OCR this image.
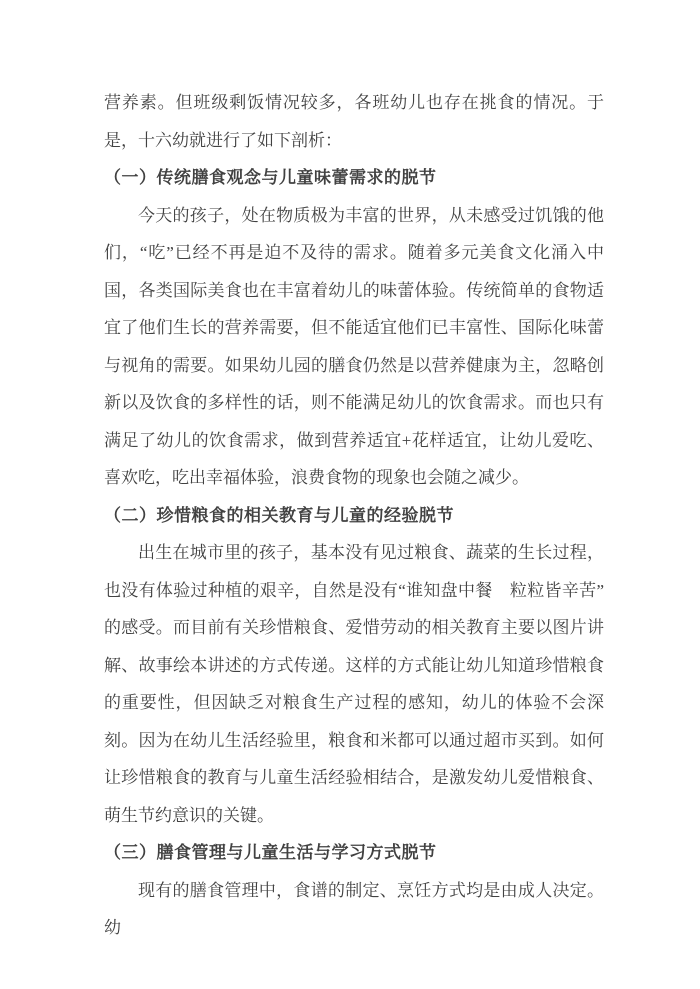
营养素。但班级剩饭情况较多，各班幼儿也存在挑食的情况。于是，十六幼就进行了如下剖析：

（一）传统膳食观念与儿童味蕾需求的脱节

今天的孩子，处在物质极为丰富的世界，从未感受过饥饿的他们，“吃”已经不再是迫不及待的需求。随着多元美食文化涌入中国，各类国际美食也在丰富着幼儿的味蕾体验。传统简单的食物适宜了他们生长的营养需要，但不能适宜他们已丰富性、国际化味蕾与视角的需要。如果幼儿园的膳食仍然是以营养健康为主，忽略创新以及饮食的多样性的话，则不能满足幼儿的饮食需求。而也只有满足了幼儿的饮食需求，做到营养适宜+花样适宜，让幼儿爱吃、喜欢吃，吃出幸福体验，浪费食物的现象也会随之减少。

（二）珍惜粮食的相关教育与儿童的经验脱节

出生在城市里的孩子，基本没有见过粮食、蔬菜的生长过程，也没有体验过种植的艰辛，自然是没有“谁知盘中餐　粒粒皆辛苦”的感受。而目前有关珍惜粮食、爱惜劳动的相关教育主要以图片讲解、故事绘本讲述的方式传递。这样的方式能让幼儿知道珍惜粮食的重要性，但因缺乏对粮食生产过程的感知，幼儿的体验不会深刻。因为在幼儿生活经验里，粮食和米都可以通过超市买到。如何让珍惜粮食的教育与儿童生活经验相结合，是激发幼儿爱惜粮食、萌生节约意识的关键。

（三）膳食管理与儿童生活与学习方式脱节

现有的膳食管理中，食谱的制定、烹饪方式均是由成人决定。幼
